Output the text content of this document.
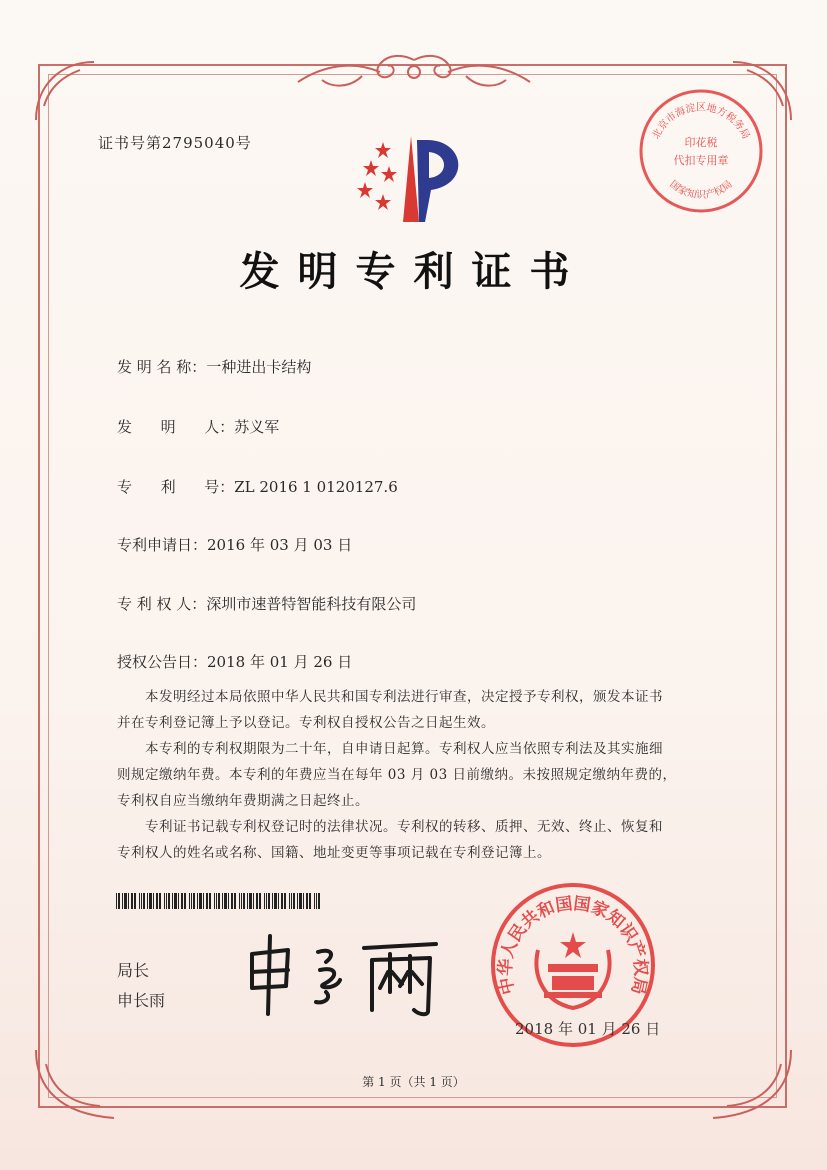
证书号第2795040号
发明专利证书
发 明 名 称：一种进出卡结构
发      明      人：苏义军
专      利      号：ZL 2016 1 0120127.6
专利申请日：2016 年 03 月 03 日
专 利 权 人：深圳市速普特智能科技有限公司
授权公告日：2018 年 01 月 26 日

本发明经过本局依照中华人民共和国专利法进行审查，决定授予专利权，颁发本证书

并在专利登记簿上予以登记。专利权自授权公告之日起生效。

本专利的专利权期限为二十年，自申请日起算。专利权人应当依照专利法及其实施细

则规定缴纳年费。本专利的年费应当在每年 03 月 03 日前缴纳。未按照规定缴纳年费的，

专利权自应当缴纳年费期满之日起终止。

专利证书记载专利权登记时的法律状况。专利权的转移、质押、无效、终止、恢复和

专利权人的姓名或名称、国籍、地址变更等事项记载在专利登记簿上。

局长
申长雨
中华人民共和国国家知识产权局
2018 年 01 月 26 日
北京市海淀区地方税务局
印花税
代扣专用章
国家知识产权局
第 1 页（共 1 页）
